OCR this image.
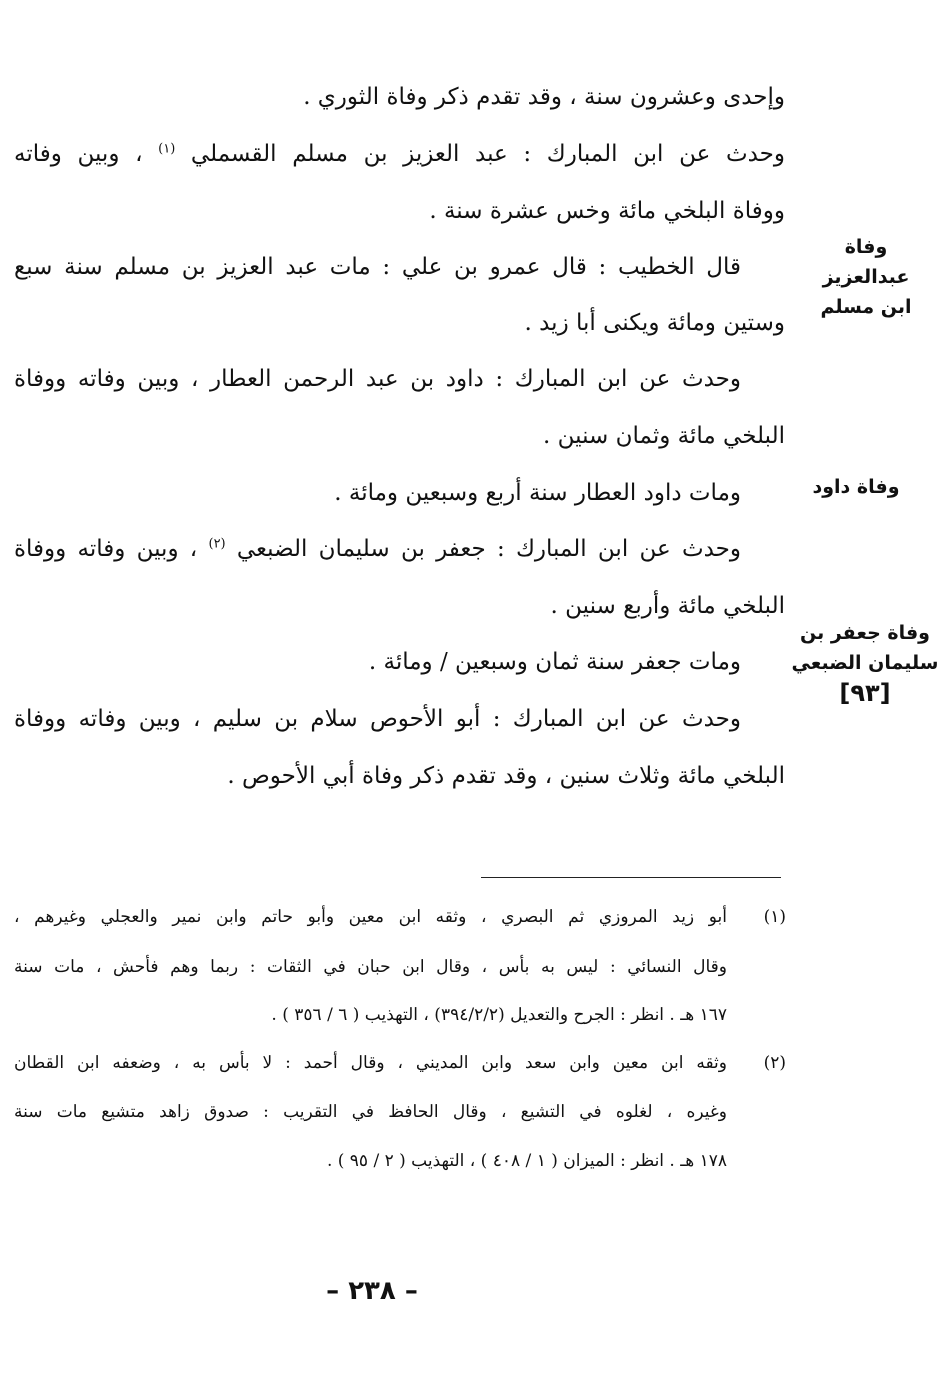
وإحدى وعشرون سنة ، وقد تقدم ذكر وفاة الثوري .
وحدث عن ابن المبارك : عبد العزيز بن مسلم القسملي $^{(١)}$ ، وبين وفاته
ووفاة البلخي مائة وخس عشرة سنة .
قال الخطيب : قال عمرو بن علي : مات عبد العزيز بن مسلم سنة سبع
وستين ومائة ويكنى أبا زيد .
وحدث عن ابن المبارك : داود بن عبد الرحمن العطار ، وبين وفاته ووفاة
البلخي مائة وثمان سنين .
ومات داود العطار سنة أربع وسبعين ومائة .
وحدث عن ابن المبارك : جعفر بن سليمان الضبعي $^{(٢)}$ ، وبين وفاته ووفاة
البلخي مائة وأربع سنين .
ومات جعفر سنة ثمان وسبعين / ومائة .
وحدث عن ابن المبارك : أبو الأحوص سلام بن سليم ، وبين وفاته ووفاة
البلخي مائة وثلاث سنين ، وقد تقدم ذكر وفاة أبي الأحوص .
وفاة
عبدالعزيز
ابن مسلم
وفاة داود
وفاة جعفر بن
سليمان الضبعي
[٩٣]
(١)
أبو زيد المروزي ثم البصري ، وثقه ابن معين وأبو حاتم وابن نمير والعجلي وغيرهم ،
وقال النسائي : ليس به بأس ، وقال ابن حبان في الثقات : ربما وهم فأحش ، مات سنة
١٦٧ هـ . انظر : الجرح والتعديل (٣٩٤/٢/٢) ، التهذيب ( ٦ / ٣٥٦ ) .
(٢)
وثقه ابن معين وابن سعد وابن المديني ، وقال أحمد : لا بأس به ، وضعفه ابن القطان
وغيره ، لغلوه في التشيع ، وقال الحافظ في التقريب : صدوق زاهد متشيع مات سنة
١٧٨ هـ . انظر : الميزان ( ١ / ٤٠٨ ) ، التهذيب ( ٢ / ٩٥ ) .
– ٢٣٨ –
